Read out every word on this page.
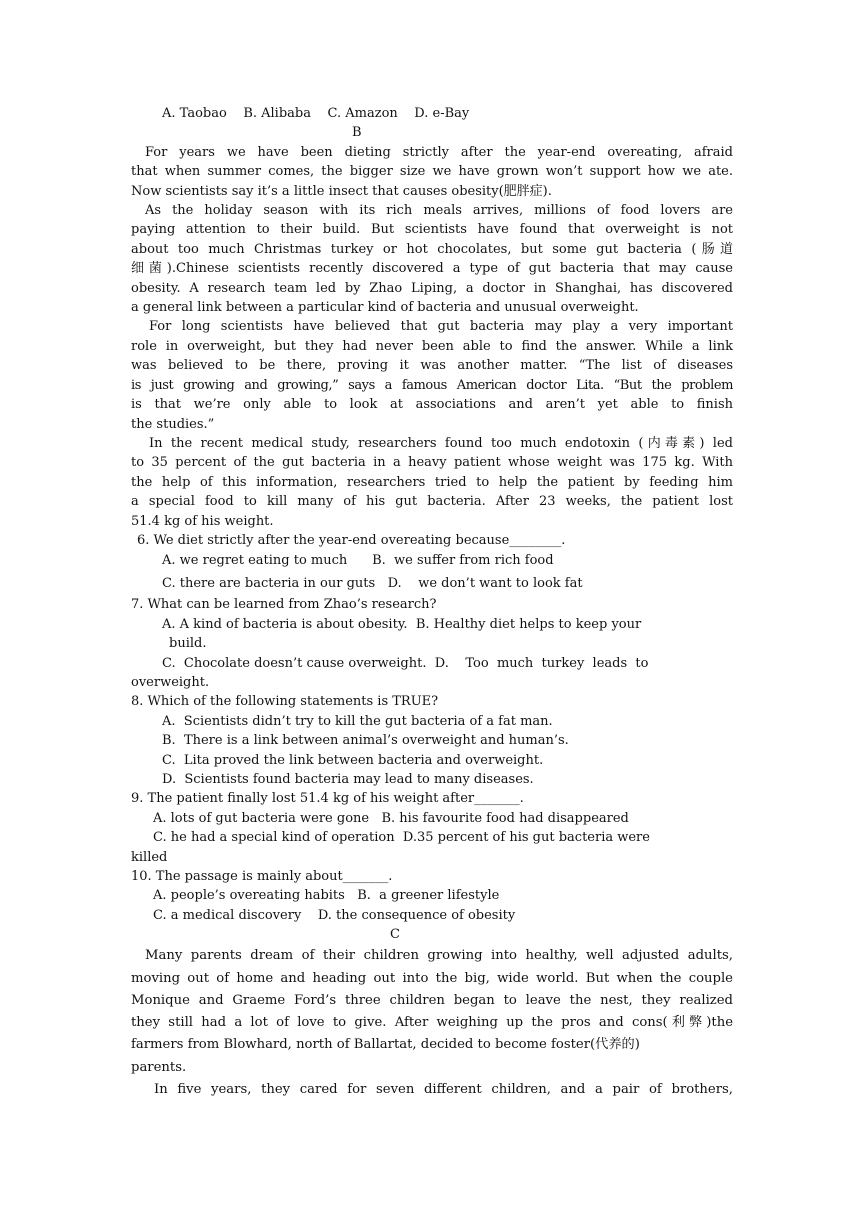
A. Taobao    B. Alibaba    C. Amazon    D. e-Bay
B
For years we have been dieting strictly after the year-end overeating, afraid
that when summer comes, the bigger size we have grown won’t support how we ate.
Now scientists say it’s a little insect that causes obesity(肥胖症).
As the holiday season with its rich meals arrives, millions of food lovers are
paying attention to their build. But scientists have found that overweight is not
about too much Christmas turkey or hot chocolates, but some gut bacteria (肠道
细菌).Chinese scientists recently discovered a type of gut bacteria that may cause
obesity. A research team led by Zhao Liping, a doctor in Shanghai, has discovered
a general link between a particular kind of bacteria and unusual overweight.
For long scientists have believed that gut bacteria may play a very important
role in overweight, but they had never been able to find the answer. While a link
was believed to be there, proving it was another matter. “The list of diseases
is just growing and growing,” says a famous American doctor Lita. “But the problem
is that we’re only able to look at associations and aren’t yet able to finish
the studies.”
In the recent medical study, researchers found too much endotoxin (内毒素) led
to 35 percent of the gut bacteria in a heavy patient whose weight was 175 kg. With
the help of this information, researchers tried to help the patient by feeding him
a special food to kill many of his gut bacteria. After 23 weeks, the patient lost
51.4 kg of his weight.
6. We diet strictly after the year-end overeating because________.
A. we regret eating to much      B.  we suffer from rich food
C. there are bacteria in our guts   D.    we don’t want to look fat
7. What can be learned from Zhao’s research?
A. A kind of bacteria is about obesity.  B. Healthy diet helps to keep your
build.
C.  Chocolate doesn’t cause overweight.  D.    Too  much  turkey  leads  to
overweight.
8. Which of the following statements is TRUE?
A.  Scientists didn’t try to kill the gut bacteria of a fat man.
B.  There is a link between animal’s overweight and human’s.
C.  Lita proved the link between bacteria and overweight.
D.  Scientists found bacteria may lead to many diseases.
9. The patient finally lost 51.4 kg of his weight after_______.
A. lots of gut bacteria were gone   B. his favourite food had disappeared
C. he had a special kind of operation  D.35 percent of his gut bacteria were
killed
10. The passage is mainly about_______.
A. people’s overeating habits   B.  a greener lifestyle
C. a medical discovery    D. the consequence of obesity
C
Many parents dream of their children growing into healthy, well adjusted adults,
moving out of home and heading out into the big, wide world. But when the couple
Monique and Graeme Ford’s three children began to leave the nest, they realized
they still had a lot of love to give. After weighing up the pros and cons(利弊)the
farmers from Blowhard, north of Ballartat, decided to become foster(代养的)
parents.
In five years, they cared for seven different children, and a pair of brothers,
